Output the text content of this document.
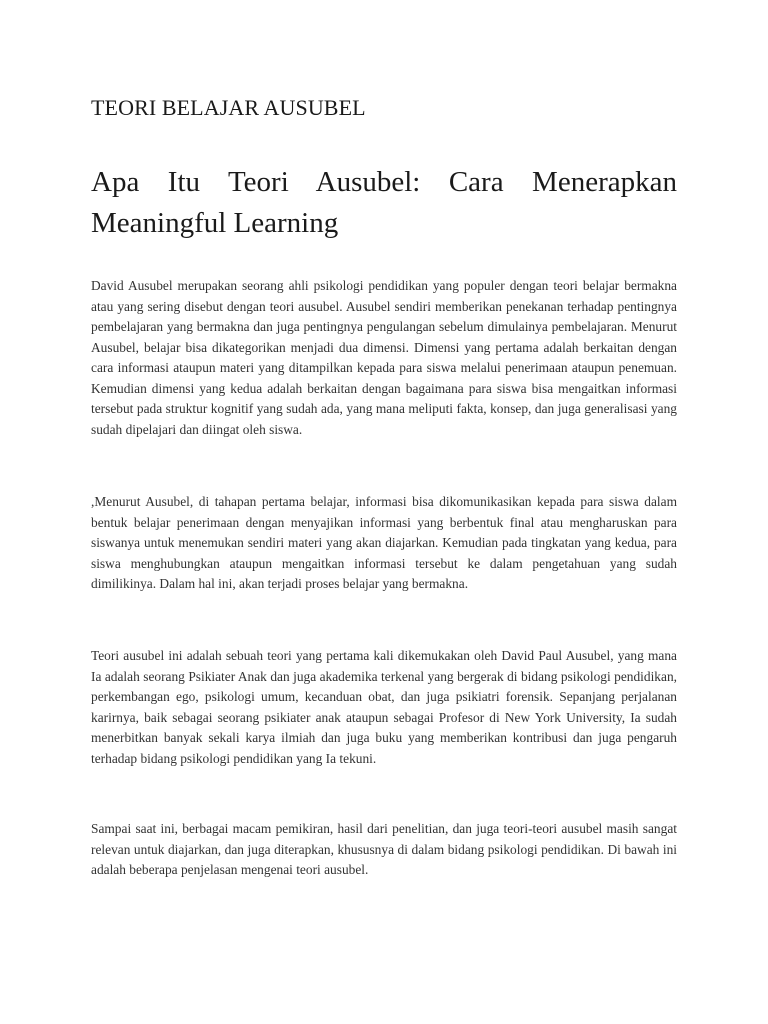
TEORI BELAJAR AUSUBEL
Apa Itu Teori Ausubel: Cara Menerapkan Meaningful Learning

David Ausubel merupakan seorang ahli psikologi pendidikan yang populer dengan teori belajar bermakna atau yang sering disebut dengan teori ausubel. Ausubel sendiri memberikan penekanan terhadap pentingnya pembelajaran yang bermakna dan juga pentingnya pengulangan sebelum dimulainya pembelajaran. Menurut Ausubel, belajar bisa dikategorikan menjadi dua dimensi. Dimensi yang pertama adalah berkaitan dengan cara informasi ataupun materi yang ditampilkan kepada para siswa melalui penerimaan ataupun penemuan. Kemudian dimensi yang kedua adalah berkaitan dengan bagaimana para siswa bisa mengaitkan informasi tersebut pada struktur kognitif yang sudah ada, yang mana meliputi fakta, konsep, dan juga generalisasi yang sudah dipelajari dan diingat oleh siswa.

,Menurut Ausubel, di tahapan pertama belajar, informasi bisa dikomunikasikan kepada para siswa dalam bentuk belajar penerimaan dengan menyajikan informasi yang berbentuk final atau mengharuskan para siswanya untuk menemukan sendiri materi yang akan diajarkan. Kemudian pada tingkatan yang kedua, para siswa menghubungkan ataupun mengaitkan informasi tersebut ke dalam pengetahuan yang sudah dimilikinya. Dalam hal ini, akan terjadi proses belajar yang bermakna.

Teori ausubel ini adalah sebuah teori yang pertama kali dikemukakan oleh David Paul Ausubel, yang mana Ia adalah seorang Psikiater Anak dan juga akademika terkenal yang bergerak di bidang psikologi pendidikan, perkembangan ego, psikologi umum, kecanduan obat, dan juga psikiatri forensik. Sepanjang perjalanan karirnya, baik sebagai seorang psikiater anak ataupun sebagai Profesor di New York University, Ia sudah menerbitkan banyak sekali karya ilmiah dan juga buku yang memberikan kontribusi dan juga pengaruh terhadap bidang psikologi pendidikan yang Ia tekuni.

Sampai saat ini, berbagai macam pemikiran, hasil dari penelitian, dan juga teori-teori ausubel masih sangat relevan untuk diajarkan, dan juga diterapkan, khususnya di dalam bidang psikologi pendidikan. Di bawah ini adalah beberapa penjelasan mengenai teori ausubel.
